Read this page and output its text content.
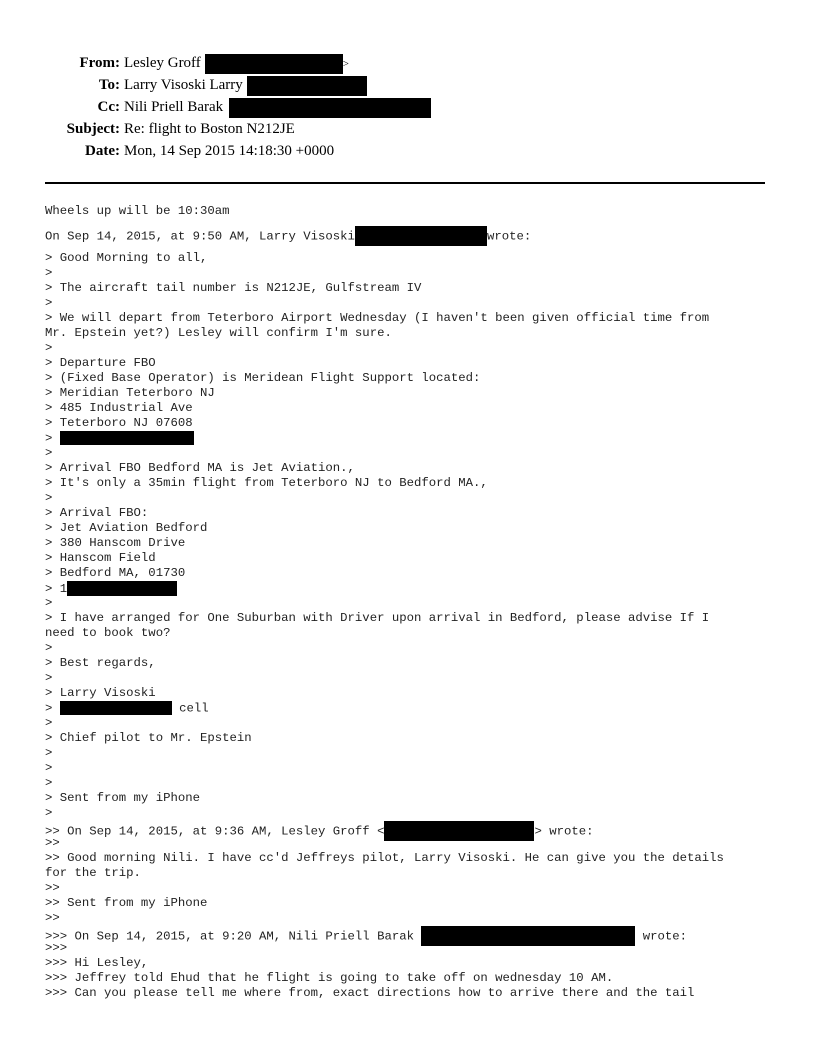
From: Lesley Groff	>
To: Larry Visoski Larry
Cc: Nili Priell Barak
Subject: Re: flight to Boston N212JE
Date: Mon, 14 Sep 2015 14:18:30 +0000
Wheels up will be 10:30am
On Sep 14, 2015, at 9:50 AM, Larry Visoski	wrote:
> Good Morning to all,
>
> The aircraft tail number is N212JE, Gulfstream IV
>
> We will depart from Teterboro Airport Wednesday (I haven't been given official time from
Mr. Epstein yet?) Lesley will confirm I'm sure.
>
> Departure FBO
> (Fixed Base Operator) is Meridean Flight Support located:
> Meridian Teterboro NJ
> 485 Industrial Ave
> Teterboro NJ 07608
>
>
> Arrival FBO Bedford MA is Jet Aviation.,
> It's only a 35min flight from Teterboro NJ to Bedford MA.,
>
> Arrival FBO:
> Jet Aviation Bedford
> 380 Hanscom Drive
> Hanscom Field
> Bedford MA, 01730
> 1
>
> I have arranged for One Suburban with Driver upon arrival in Bedford, please advise If I
need to book two?
>
> Best regards,
>
> Larry Visoski
>	cell
>
> Chief pilot to Mr. Epstein
>
>
>
> Sent from my iPhone
>
>> On Sep 14, 2015, at 9:36 AM, Lesley Groff <	> wrote:
>>
>> Good morning Nili. I have cc'd Jeffreys pilot, Larry Visoski. He can give you the details
for the trip.
>>
>> Sent from my iPhone
>>
>>> On Sep 14, 2015, at 9:20 AM, Nili Priell Barak	wrote:
>>>
>>> Hi Lesley,
>>> Jeffrey told Ehud that he flight is going to take off on wednesday 10 AM.
>>> Can you please tell me where from, exact directions how to arrive there and the tail
